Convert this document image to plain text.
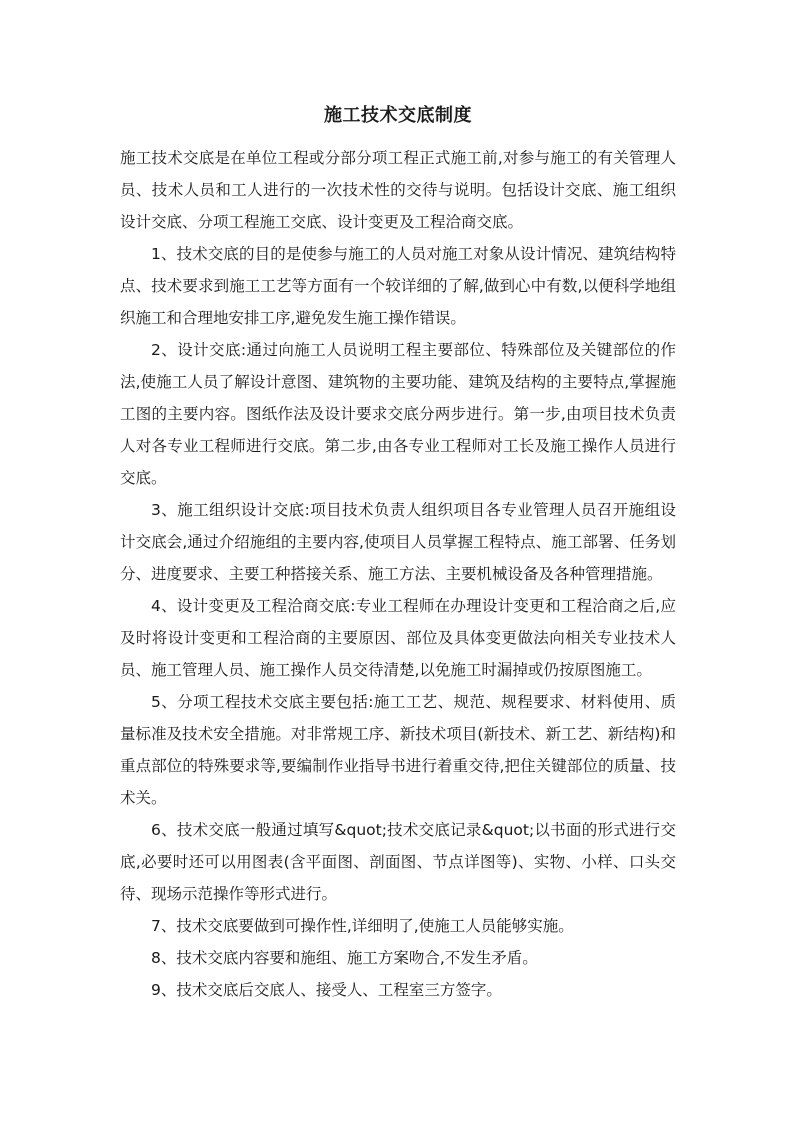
施工技术交底制度

施工技术交底是在单位工程或分部分项工程正式施工前,对参与施工的有关管理人员、技术人员和工人进行的一次技术性的交待与说明。包括设计交底、施工组织设计交底、分项工程施工交底、设计变更及工程洽商交底。

1、技术交底的目的是使参与施工的人员对施工对象从设计情况、建筑结构特点、技术要求到施工工艺等方面有一个较详细的了解,做到心中有数,以便科学地组织施工和合理地安排工序,避免发生施工操作错误。

2、设计交底:通过向施工人员说明工程主要部位、特殊部位及关键部位的作法,使施工人员了解设计意图、建筑物的主要功能、建筑及结构的主要特点,掌握施工图的主要内容。图纸作法及设计要求交底分两步进行。第一步,由项目技术负责人对各专业工程师进行交底。第二步,由各专业工程师对工长及施工操作人员进行交底。

3、施工组织设计交底:项目技术负责人组织项目各专业管理人员召开施组设计交底会,通过介绍施组的主要内容,使项目人员掌握工程特点、施工部署、任务划分、进度要求、主要工种搭接关系、施工方法、主要机械设备及各种管理措施。

4、设计变更及工程洽商交底:专业工程师在办理设计变更和工程洽商之后,应及时将设计变更和工程洽商的主要原因、部位及具体变更做法向相关专业技术人员、施工管理人员、施工操作人员交待清楚,以免施工时漏掉或仍按原图施工。

5、分项工程技术交底主要包括:施工工艺、规范、规程要求、材料使用、质量标准及技术安全措施。对非常规工序、新技术项目(新技术、新工艺、新结构)和重点部位的特殊要求等,要编制作业指导书进行着重交待,把住关键部位的质量、技术关。

6、技术交底一般通过填写&quot;技术交底记录&quot;以书面的形式进行交底,必要时还可以用图表(含平面图、剖面图、节点详图等)、实物、小样、口头交待、现场示范操作等形式进行。

7、技术交底要做到可操作性,详细明了,使施工人员能够实施。

8、技术交底内容要和施组、施工方案吻合,不发生矛盾。

9、技术交底后交底人、接受人、工程室三方签字。
